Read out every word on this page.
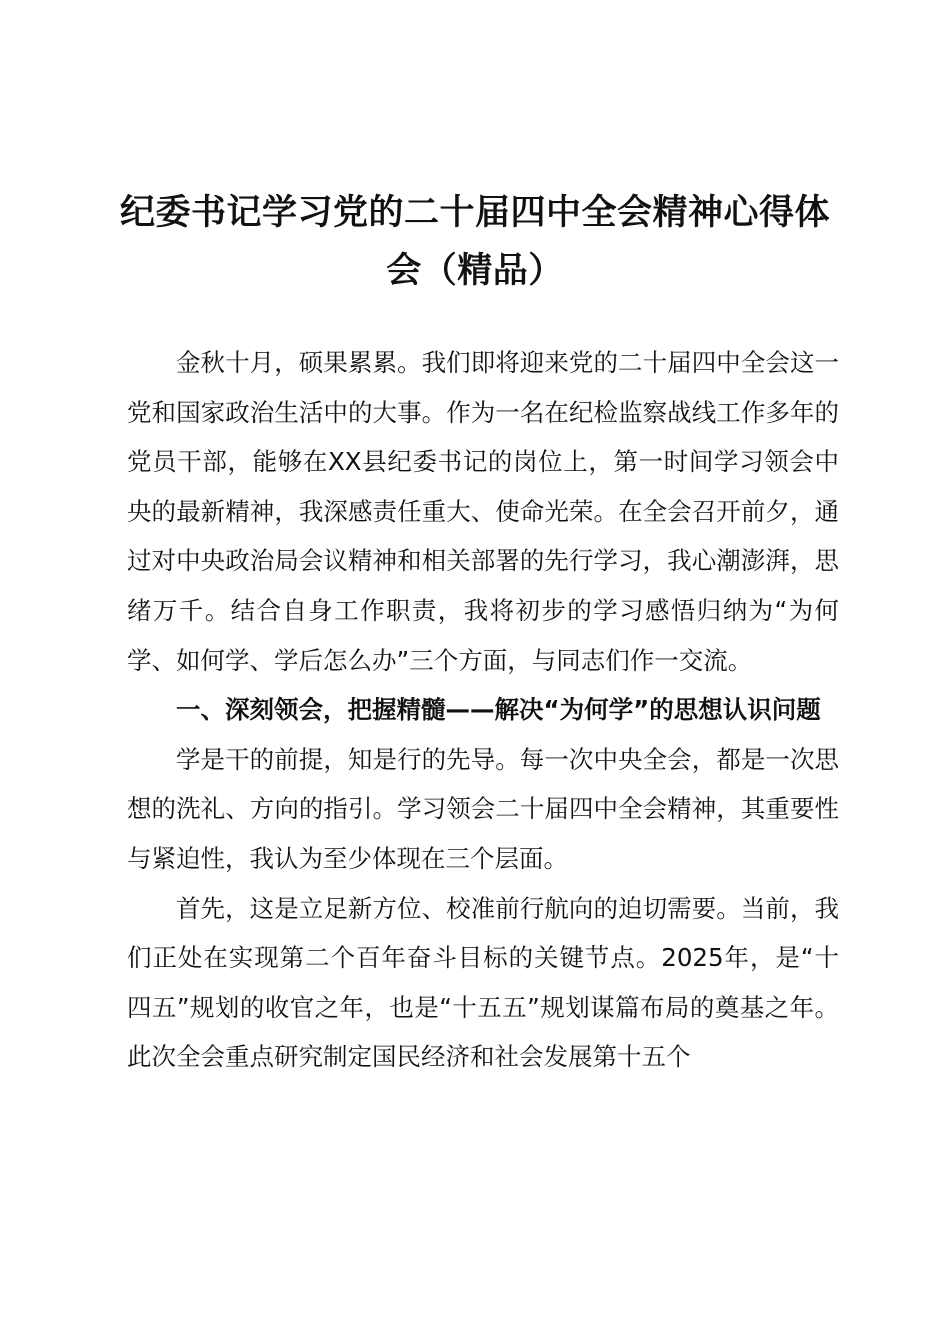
纪委书记学习党的二十届四中全会精神心得体会（精品）

金秋十月，硕果累累。我们即将迎来党的二十届四中全会这一党和国家政治生活中的大事。作为一名在纪检监察战线工作多年的党员干部，能够在XX县纪委书记的岗位上，第一时间学习领会中央的最新精神，我深感责任重大、使命光荣。在全会召开前夕，通过对中央政治局会议精神和相关部署的先行学习，我心潮澎湃，思绪万千。结合自身工作职责，我将初步的学习感悟归纳为“为何学、如何学、学后怎么办”三个方面，与同志们作一交流。

一、深刻领会，把握精髓——解决“为何学”的思想认识问题

学是干的前提，知是行的先导。每一次中央全会，都是一次思想的洗礼、方向的指引。学习领会二十届四中全会精神，其重要性与紧迫性，我认为至少体现在三个层面。

首先，这是立足新方位、校准前行航向的迫切需要。当前，我们正处在实现第二个百年奋斗目标的关键节点。2025年，是“十四五”规划的收官之年，也是“十五五”规划谋篇布局的奠基之年。此次全会重点研究制定国民经济和社会发展第十五个
